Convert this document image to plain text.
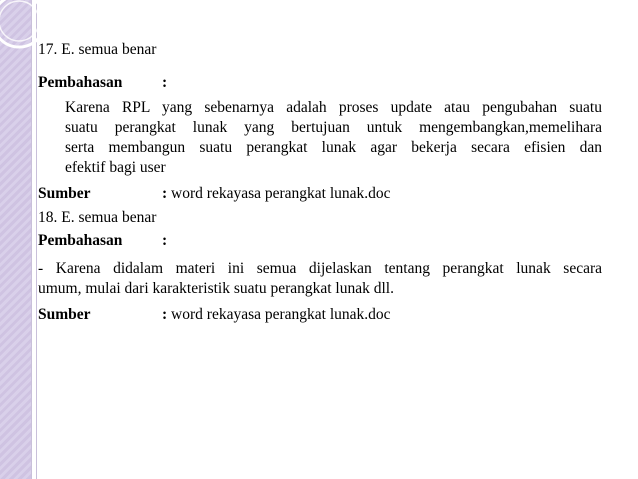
17. E. semua benar
Pembahasan	:
Karena RPL yang sebenarnya adalah proses update atau pengubahan suatu
suatu perangkat lunak yang bertujuan untuk mengembangkan,memelihara
serta membangun suatu perangkat lunak agar bekerja secara efisien dan
efektif bagi user
Sumber	: word rekayasa perangkat lunak.doc
18. E. semua benar
Pembahasan	:
- Karena didalam materi ini semua dijelaskan tentang perangkat lunak secara
umum, mulai dari karakteristik suatu perangkat lunak dll.
Sumber	: word rekayasa perangkat lunak.doc
